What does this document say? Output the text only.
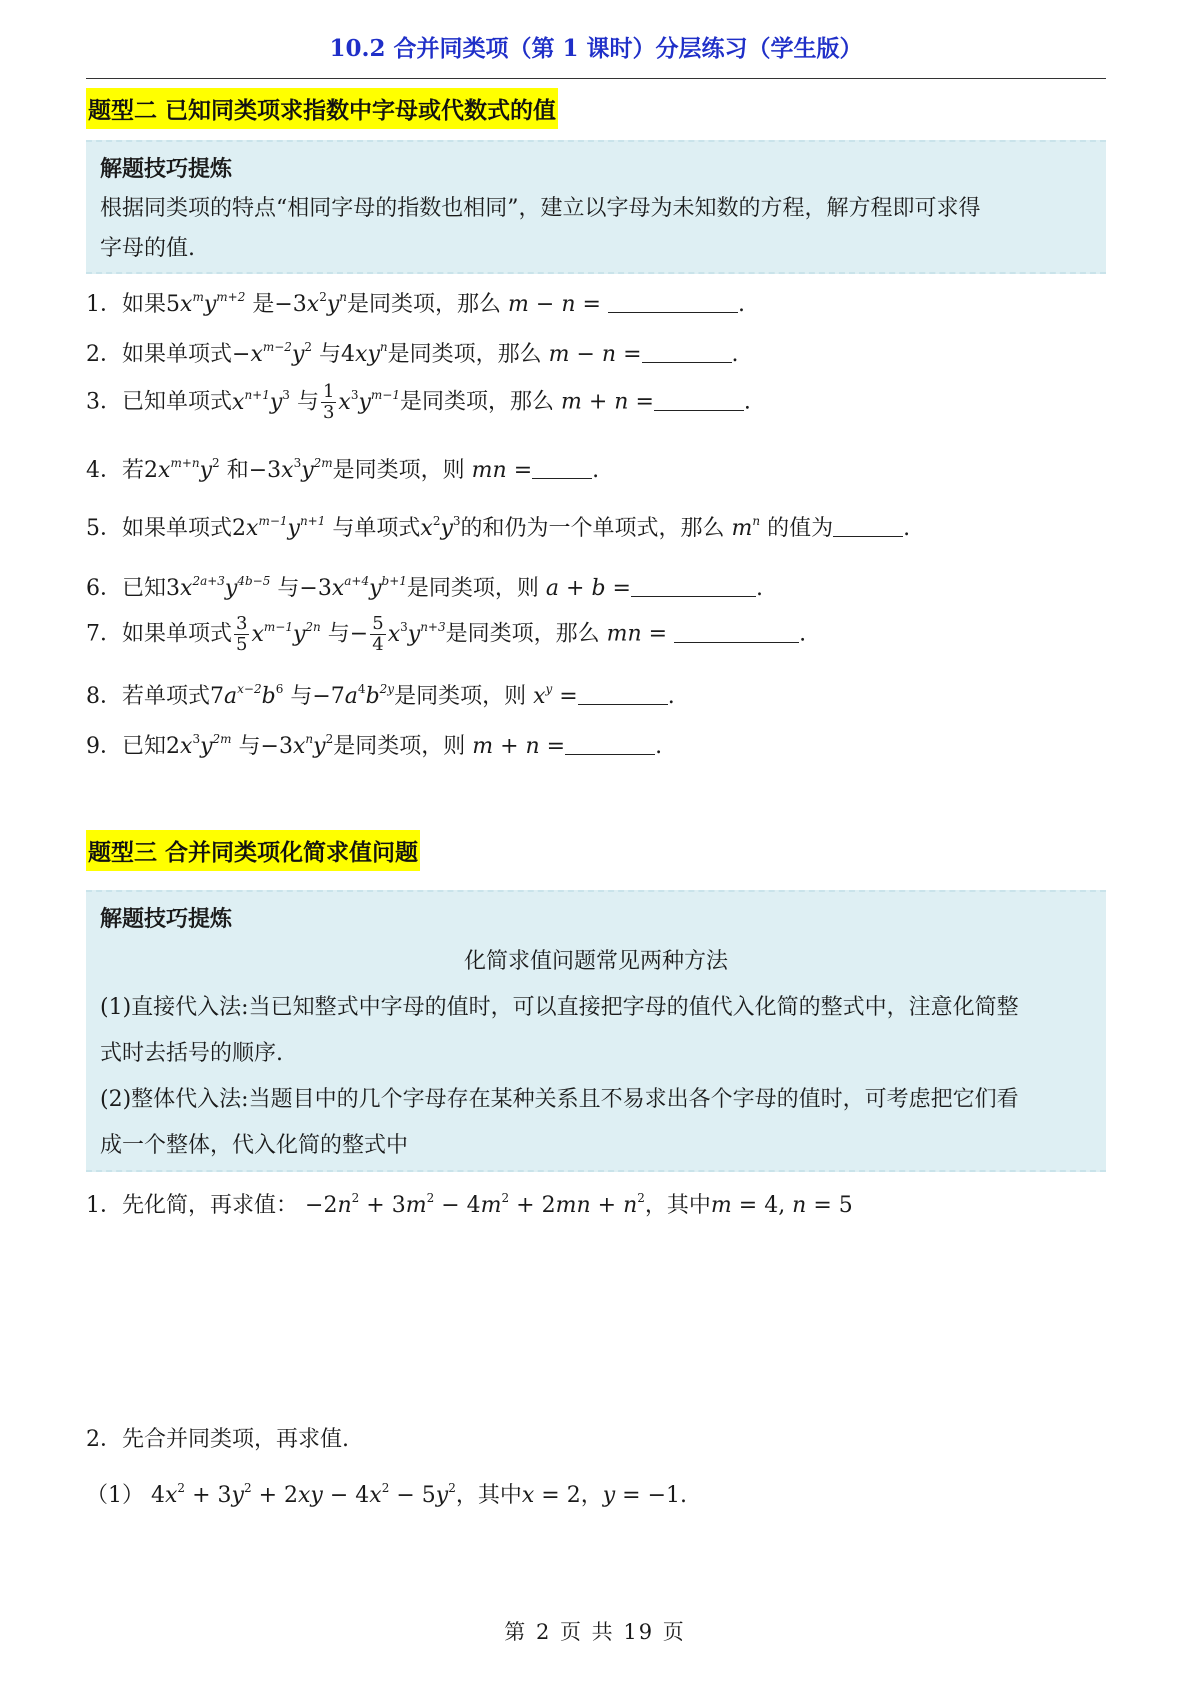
10.2 合并同类项（第 1 课时）分层练习（学生版）
题型二 已知同类项求指数中字母或代数式的值
解题技巧提炼
根据同类项的特点“相同字母的指数也相同”，建立以字母为未知数的方程，解方程即可求得
字母的值.
1．如果$5x^my^{m+2}$ 是$-3x^2y^n$是同类项，那么 m − n =	.
2．如果单项式$-x^{m-2}y^2$ 与$4xy^n$是同类项，那么 m − n =	.
3．已知单项式$x^{n+1}y^3$ 与 $\frac{1}{3} x^3y^{m-1}$是同类项，那么 m + n =	.
4．若$2x^{m+n}y^2$ 和$-3x^3y^{2m}$是同类项，则 mn =	.
5．如果单项式$2x^{m-1}y^{n+1}$ 与单项式$x^2y^3$的和仍为一个单项式，那么 $m^n$ 的值为	.
6．已知$3x^{2a+3}y^{4b-5}$ 与$-3x^{a+4}y^{b+1}$是同类项，则 a + b =	.
7．如果单项式 $\frac{3}{5} x^{m-1}y^{2n}$ 与− $\frac{5}{4} x^3y^{n+3}$是同类项，那么 mn =	.
8．若单项式$7a^{x-2}b^6$ 与$-7a^4b^{2y}$是同类项，则 $x^y$ =	.
9．已知$2x^3y^{2m}$ 与$-3x^ny^2$是同类项，则 m + n =	.
题型三 合并同类项化简求值问题
解题技巧提炼
化简求值问题常见两种方法
(1)直接代入法:当已知整式中字母的值时，可以直接把字母的值代入化简的整式中，注意化简整
式时去括号的顺序.
(2)整体代入法:当题目中的几个字母存在某种关系且不易求出各个字母的值时，可考虑把它们看
成一个整体，代入化简的整式中
1．先化简，再求值： $-2n^2 + 3m^2 - 4m^2 + 2mn + n^2$，其中m = 4, n = 5
2．先合并同类项，再求值.
（1） $4x^2 + 3y^2 + 2xy - 4x^2 - 5y^2$，其中x = 2，y = −1.
第 2 页 共 19 页
